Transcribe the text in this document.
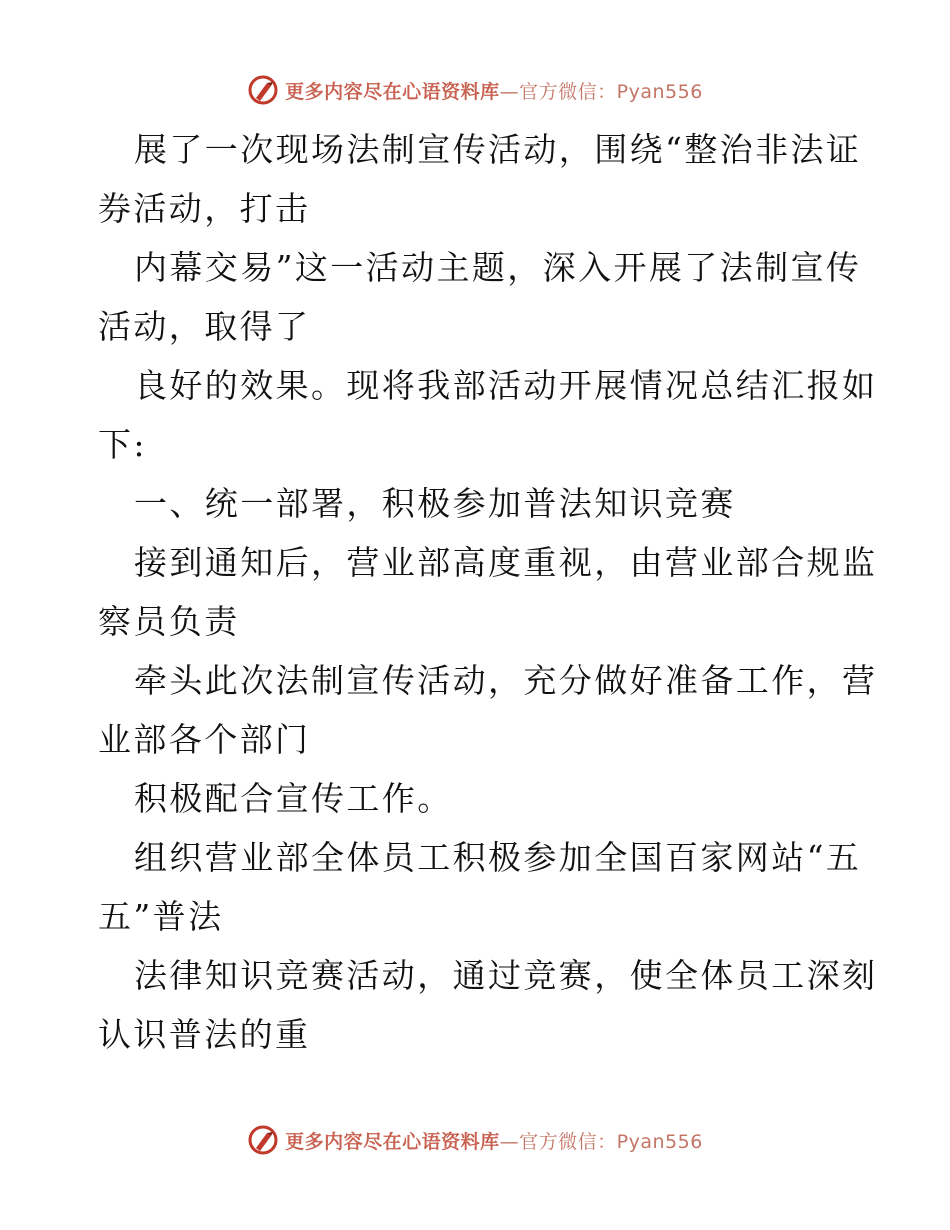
更多内容尽在心语资料库—官方微信：Pyan556
展了一次现场法制宣传活动，围绕“整治非法证
券活动，打击
内幕交易”这一活动主题，深入开展了法制宣传
活动，取得了
良好的效果。现将我部活动开展情况总结汇报如
下:
一、统一部署，积极参加普法知识竞赛
接到通知后，营业部高度重视，由营业部合规监
察员负责
牵头此次法制宣传活动，充分做好准备工作，营
业部各个部门
积极配合宣传工作。
组织营业部全体员工积极参加全国百家网站“五
五”普法
法律知识竞赛活动，通过竞赛，使全体员工深刻
认识普法的重
更多内容尽在心语资料库—官方微信：Pyan556
